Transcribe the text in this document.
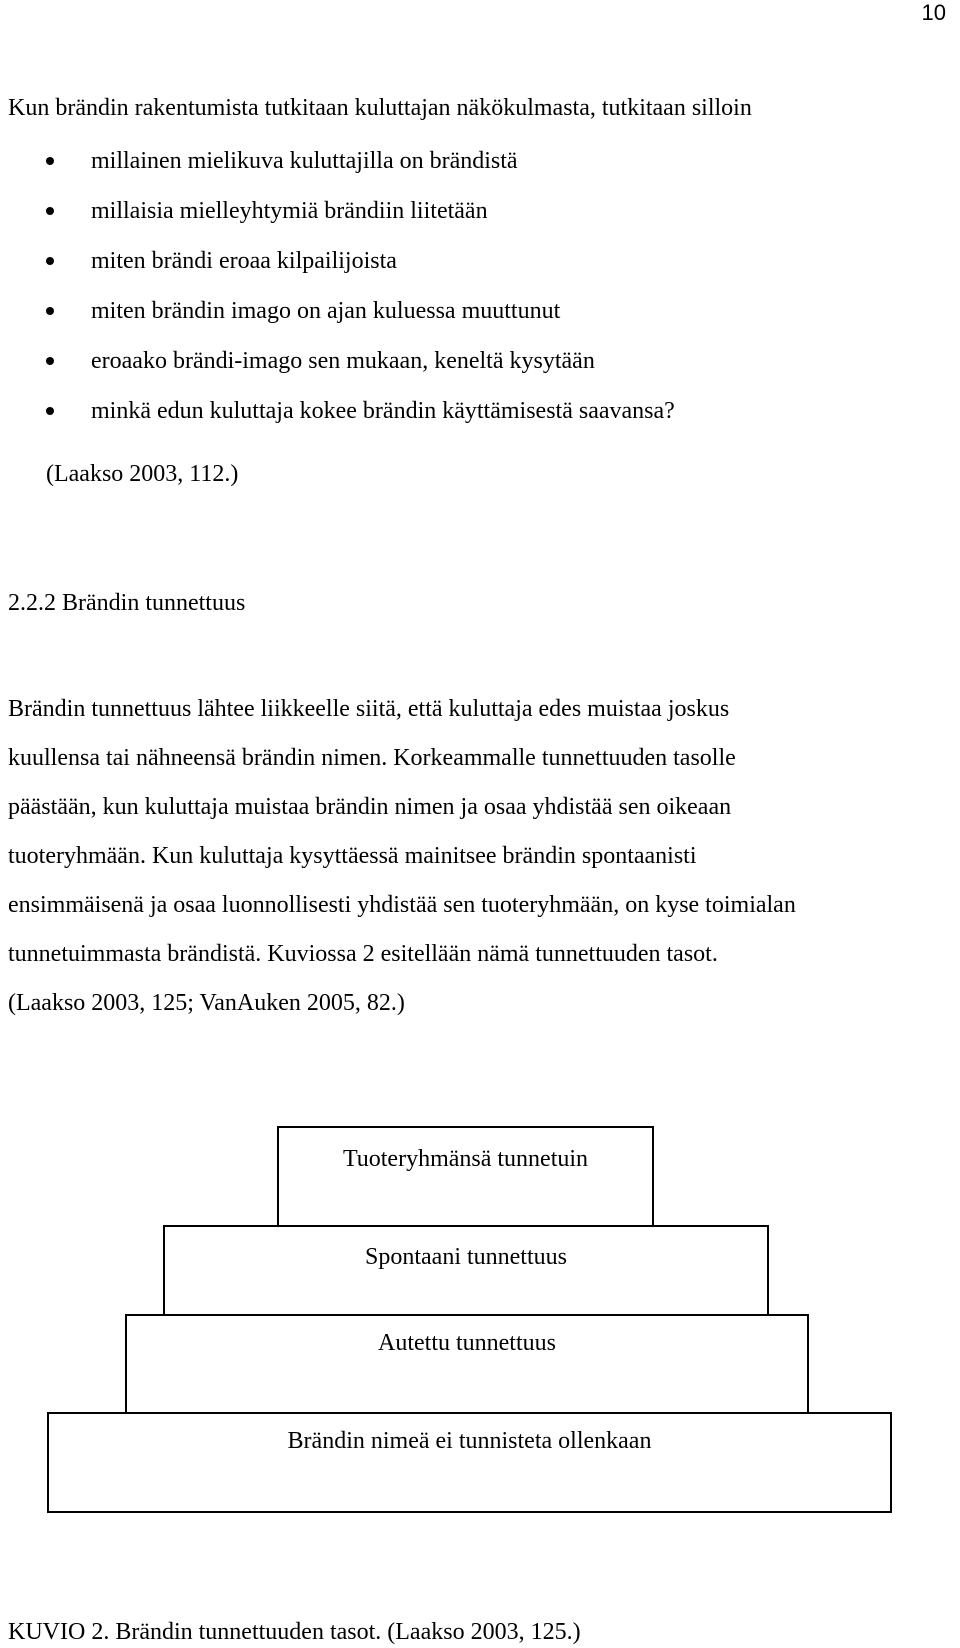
10
Kun brändin rakentumista tutkitaan kuluttajan näkökulmasta, tutkitaan silloin
millainen mielikuva kuluttajilla on brändistä
millaisia mielleyhtymiä brändiin liitetään
miten brändi eroaa kilpailijoista
miten brändin imago on ajan kuluessa muuttunut
eroaako brändi-imago sen mukaan, keneltä kysytään
minkä edun kuluttaja kokee brändin käyttämisestä saavansa?
(Laakso 2003, 112.)
2.2.2 Brändin tunnettuus
Brändin tunnettuus lähtee liikkeelle siitä, että kuluttaja edes muistaa joskus
kuullensa tai nähneensä brändin nimen. Korkeammalle tunnettuuden tasolle
päästään, kun kuluttaja muistaa brändin nimen ja osaa yhdistää sen oikeaan
tuoteryhmään. Kun kuluttaja kysyttäessä mainitsee brändin spontaanisti
ensimmäisenä ja osaa luonnollisesti yhdistää sen tuoteryhmään, on kyse toimialan
tunnetuimmasta brändistä. Kuviossa 2 esitellään nämä tunnettuuden tasot.
(Laakso 2003, 125; VanAuken 2005, 82.)
Tuoteryhmänsä tunnetuin
Spontaani tunnettuus
Autettu tunnettuus
Brändin nimeä ei tunnisteta ollenkaan
KUVIO 2. Brändin tunnettuuden tasot. (Laakso 2003, 125.)
